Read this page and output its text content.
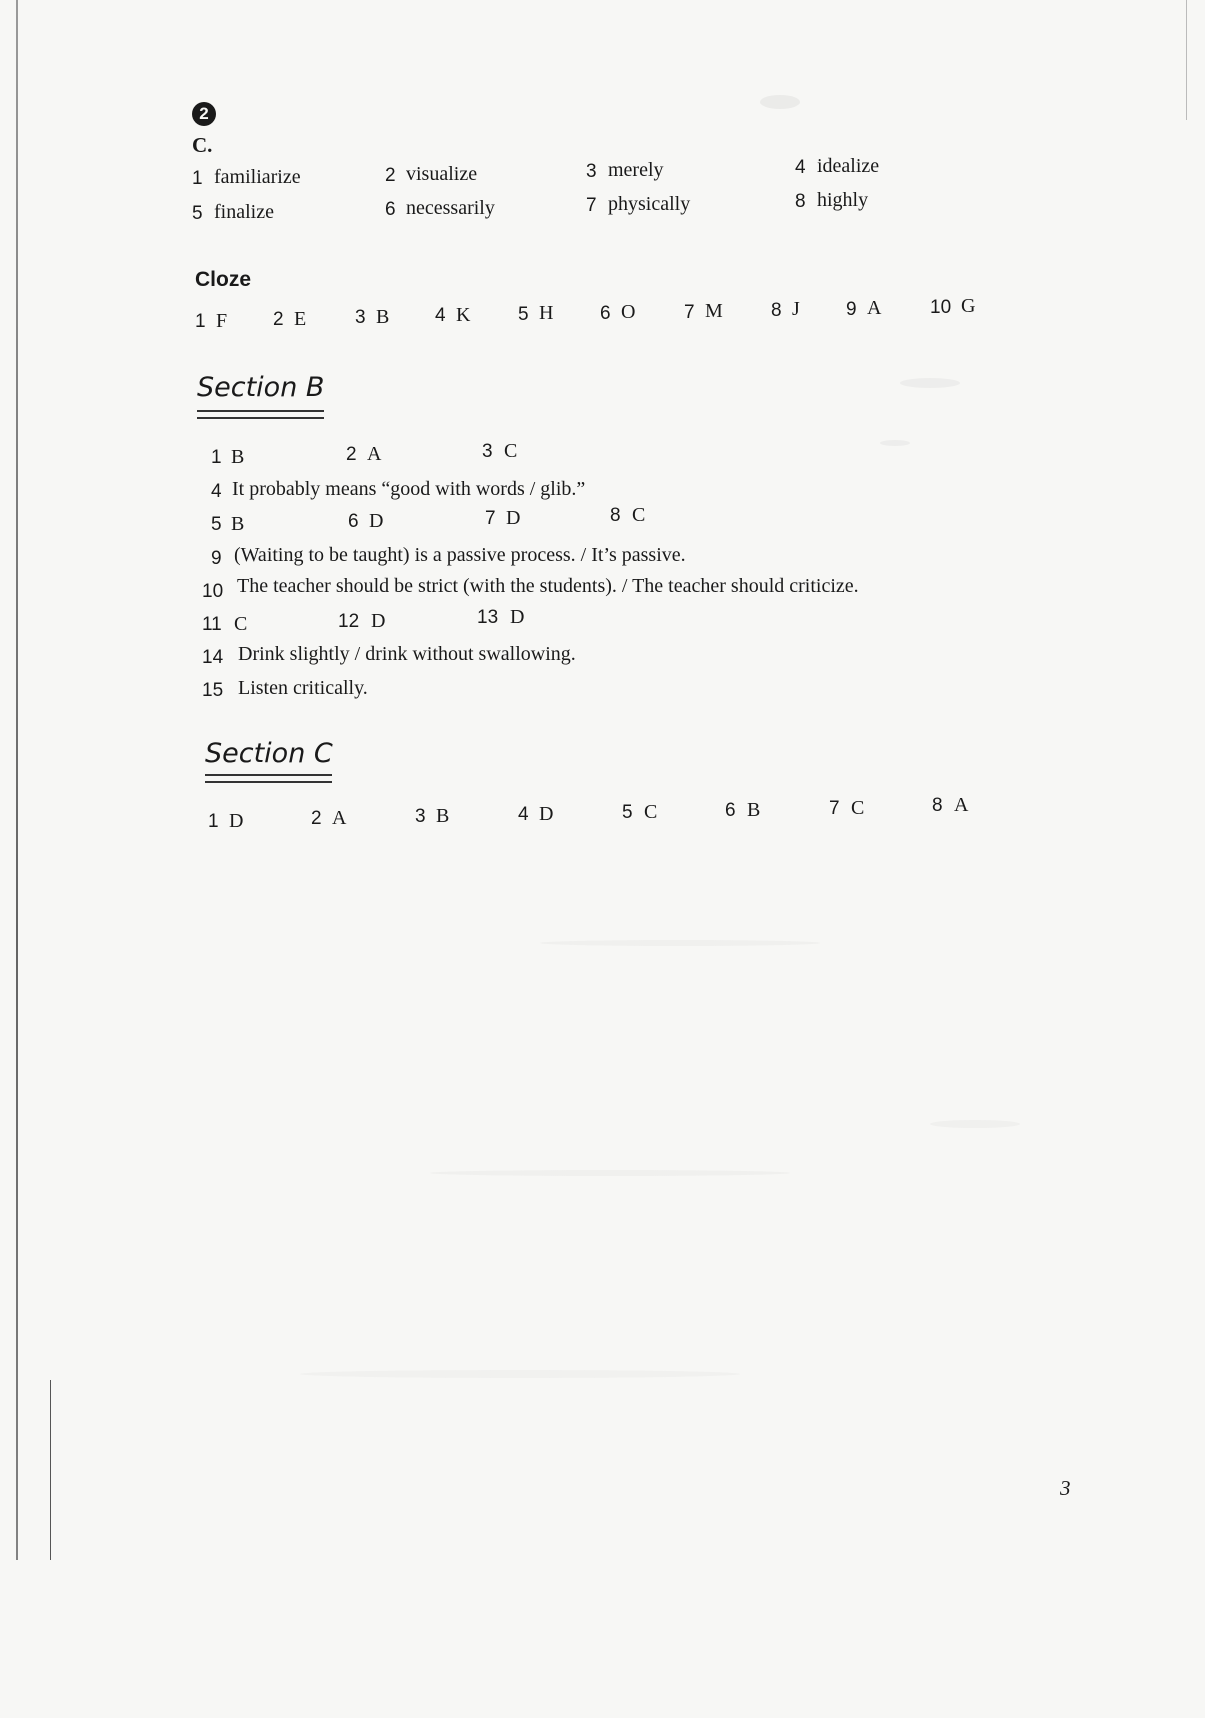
2
C.
1 familiarize	2 visualize	3 merely	4 idealize
5 finalize	6 necessarily	7 physically	8 highly
Cloze
1 F 2 E	3 B 4 K	5 H 6 O	7 M	8 J 9 A	10 G
Section B
1 B	2 A	3 C
4 It probably means “good with words / glib.”
5 B	6 D	7 D	8 C
9 (Waiting to be taught) is a passive process. / It’s passive.
10 The teacher should be strict (with the students). / The teacher should criticize.
11 C	12 D	13 D
14 Drink slightly / drink without swallowing.
15 Listen critically.
Section C
1 D	2 A	3 B	4 D	5 C	6 B	7 C	8 A
3
